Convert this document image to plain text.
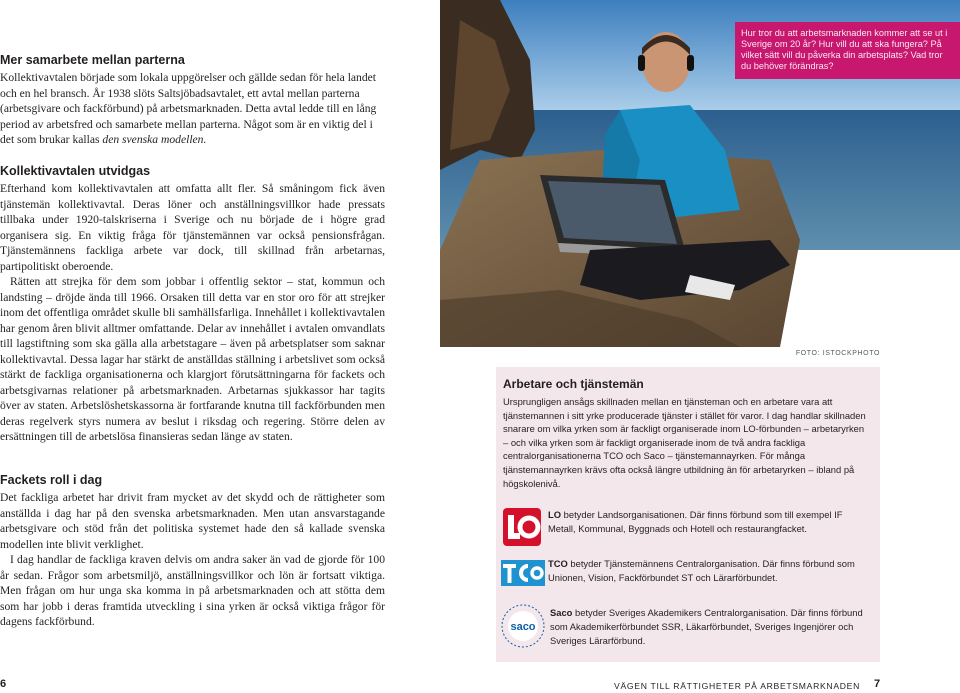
Mer samarbete mellan parterna

Kollektivavtalen började som lokala uppgörelser och gällde sedan för hela landet och en hel bransch. År 1938 slöts Saltsjöbadsavtalet, ett avtal mellan parterna (arbetsgivare och fackförbund) på arbetsmarknaden. Detta avtal ledde till en lång period av arbetsfred och samarbete mellan parterna. Något som är en viktig del i det som brukar kallas den svenska modellen.

Kollektivavtalen utvidgas

Efterhand kom kollektivavtalen att omfatta allt fler. Så småningom fick även tjänstemän kollektivavtal. Deras löner och anställningsvillkor hade pressats tillbaka under 1920-talskriserna i Sverige och nu började de i högre grad organisera sig. En viktig fråga för tjänstemännen var också pensionsfrågan. Tjänstemännens fackliga arbete var dock, till skillnad från arbetarnas, partipolitiskt oberoende.

Rätten att strejka för dem som jobbar i offentlig sektor – stat, kommun och landsting – dröjde ända till 1966. Orsaken till detta var en stor oro för att strejker inom det offentliga området skulle bli samhällsfarliga. Innehållet i kollektivavtalen har genom åren blivit alltmer omfattande. Delar av innehållet i avtalen omvandlats till lagstiftning som ska gälla alla arbetstagare – även på arbetsplatser som saknar kollektivavtal. Dessa lagar har stärkt de anställdas ställning i arbetslivet som också stärkt de fackliga organisationerna och klargjort förutsättningarna för fackets och arbetsgivarnas relationer på arbetsmarknaden. Arbetarnas sjukkassor har tagits över av staten. Arbetslöshetskassorna är fortfarande knutna till fackförbunden men deras regelverk styrs numera av beslut i riksdag och regering. Större delen av ersättningen till de arbetslösa finansieras sedan länge av staten.

Fackets roll i dag

Det fackliga arbetet har drivit fram mycket av det skydd och de rättigheter som anställda i dag har på den svenska arbetsmarknaden. Men utan ansvarstagande arbetsgivare och stöd från det politiska systemet hade den så kallade svenska modellen inte blivit verklighet.

I dag handlar de fackliga kraven delvis om andra saker än vad de gjorde för 100 år sedan. Frågor som arbetsmiljö, anställningsvillkor och lön är fortsatt viktiga. Men frågan om hur unga ska komma in på arbetsmarknaden och att stötta dem som har jobb i deras framtida utveckling i sina yrken är också viktiga frågor för dagens fackförbund.

FOTO: ISTOCKPHOTO

Hur tror du att arbetsmarknaden kommer att se ut i Sverige om 20 år? Hur vill du att ska fungera? På vilket sätt vill du påverka din arbetsplats? Vad tror du behöver förändras?

Arbetare och tjänstemän

Ursprungligen ansågs skillnaden mellan en tjänsteman och en arbetare vara att tjänstemannen i sitt yrke producerade tjänster i stället för varor. I dag handlar skillnaden snarare om vilka yrken som är fackligt organiserade inom LO-förbunden – arbetaryrken – och vilka yrken som är fackligt organiserade inom de två andra fackliga centralorganisationerna TCO och Saco – tjänstemannayrken. För många tjänstemannayrken krävs ofta också längre utbildning än för arbetaryrken – ibland på högskolenivå.

LO betyder Landsorganisationen. Där finns förbund som till exempel IF Metall, Kommunal, Byggnads och Hotell och restaurangfacket.

TCO betyder Tjänstemännens Centralorganisation. Där finns förbund som Unionen, Vision, Fackförbundet ST och Lärarförbundet.

saco

Saco betyder Sveriges Akademikers Centralorganisation. Där finns förbund som Akademikerförbundet SSR, Läkarförbundet, Sveriges Ingenjörer och Sveriges Lärarförbund.

6	VÄGEN TILL RÄTTIGHETER PÅ ARBETSMARKNADEN 7
